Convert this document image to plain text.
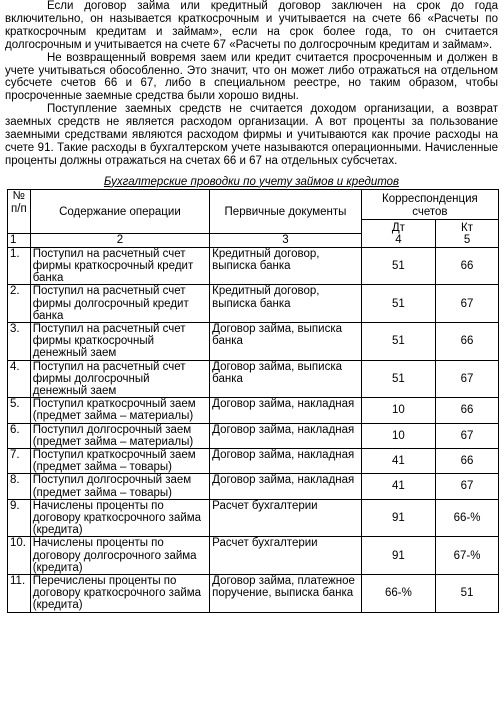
Если договор займа или кредитный договор заключен на срок до года включительно, он называется краткосрочным и учитывается на счете 66 «Расчеты по краткосрочным кредитам и займам», если на срок более года, то он считается долгосрочным и учитывается на счете 67 «Расчеты по долгосрочным кредитам и займам».

Не возвращенный вовремя заем или кредит считается просроченным и должен в учете учитываться обособленно. Это значит, что он может либо отражаться на отдельном субсчете счетов 66 и 67, либо в специальном реестре, но таким образом, чтобы просроченные заемные средства были хорошо видны.

Поступление заемных средств не считается доходом организации, а возврат заемных средств не является расходом организации. А вот проценты за пользование заемными средствами являются расходом фирмы и учитываются как прочие расходы на счете 91. Такие расходы в бухгалтерском учете называются операционными. Начисленные проценты должны отражаться на счетах 66 и 67 на отдельных субсчетах.

Бухгалтерские проводки по учету займов и кредитов
№ п/п	Содержание операции	Первичные документы	Корреспонденция счетов	
			Дт	Кт
1	2	3	4	5
1.	Поступил на расчетный счет фирмы краткосрочный кредит банка	Кредитный договор, выписка банка	51	66
2.	Поступил на расчетный счет фирмы долгосрочный кредит банка	Кредитный договор, выписка банка	51	67
3.	Поступил на расчетный счет фирмы краткосрочный денежный заем	Договор займа, выписка банка	51	66
4.	Поступил на расчетный счет фирмы долгосрочный денежный заем	Договор займа, выписка банка	51	67
5.	Поступил краткосрочный заем (предмет займа – материалы)	Договор займа, накладная	10	66
6.	Поступил долгосрочный заем (предмет займа – материалы)	Договор займа, накладная	10	67
7.	Поступил краткосрочный заем (предмет займа – товары)	Договор займа, накладная	41	66
8.	Поступил долгосрочный заем (предмет займа – товары)	Договор займа, накладная	41	67
9.	Начислены проценты по договору краткосрочного займа (кредита)	Расчет бухгалтерии	91	66-%
10.	Начислены проценты по договору долгосрочного займа (кредита)	Расчет бухгалтерии	91	67-%
11.	Перечислены проценты по договору краткосрочного займа (кредита)	Договор займа, платежное поручение, выписка банка	66-%	51
